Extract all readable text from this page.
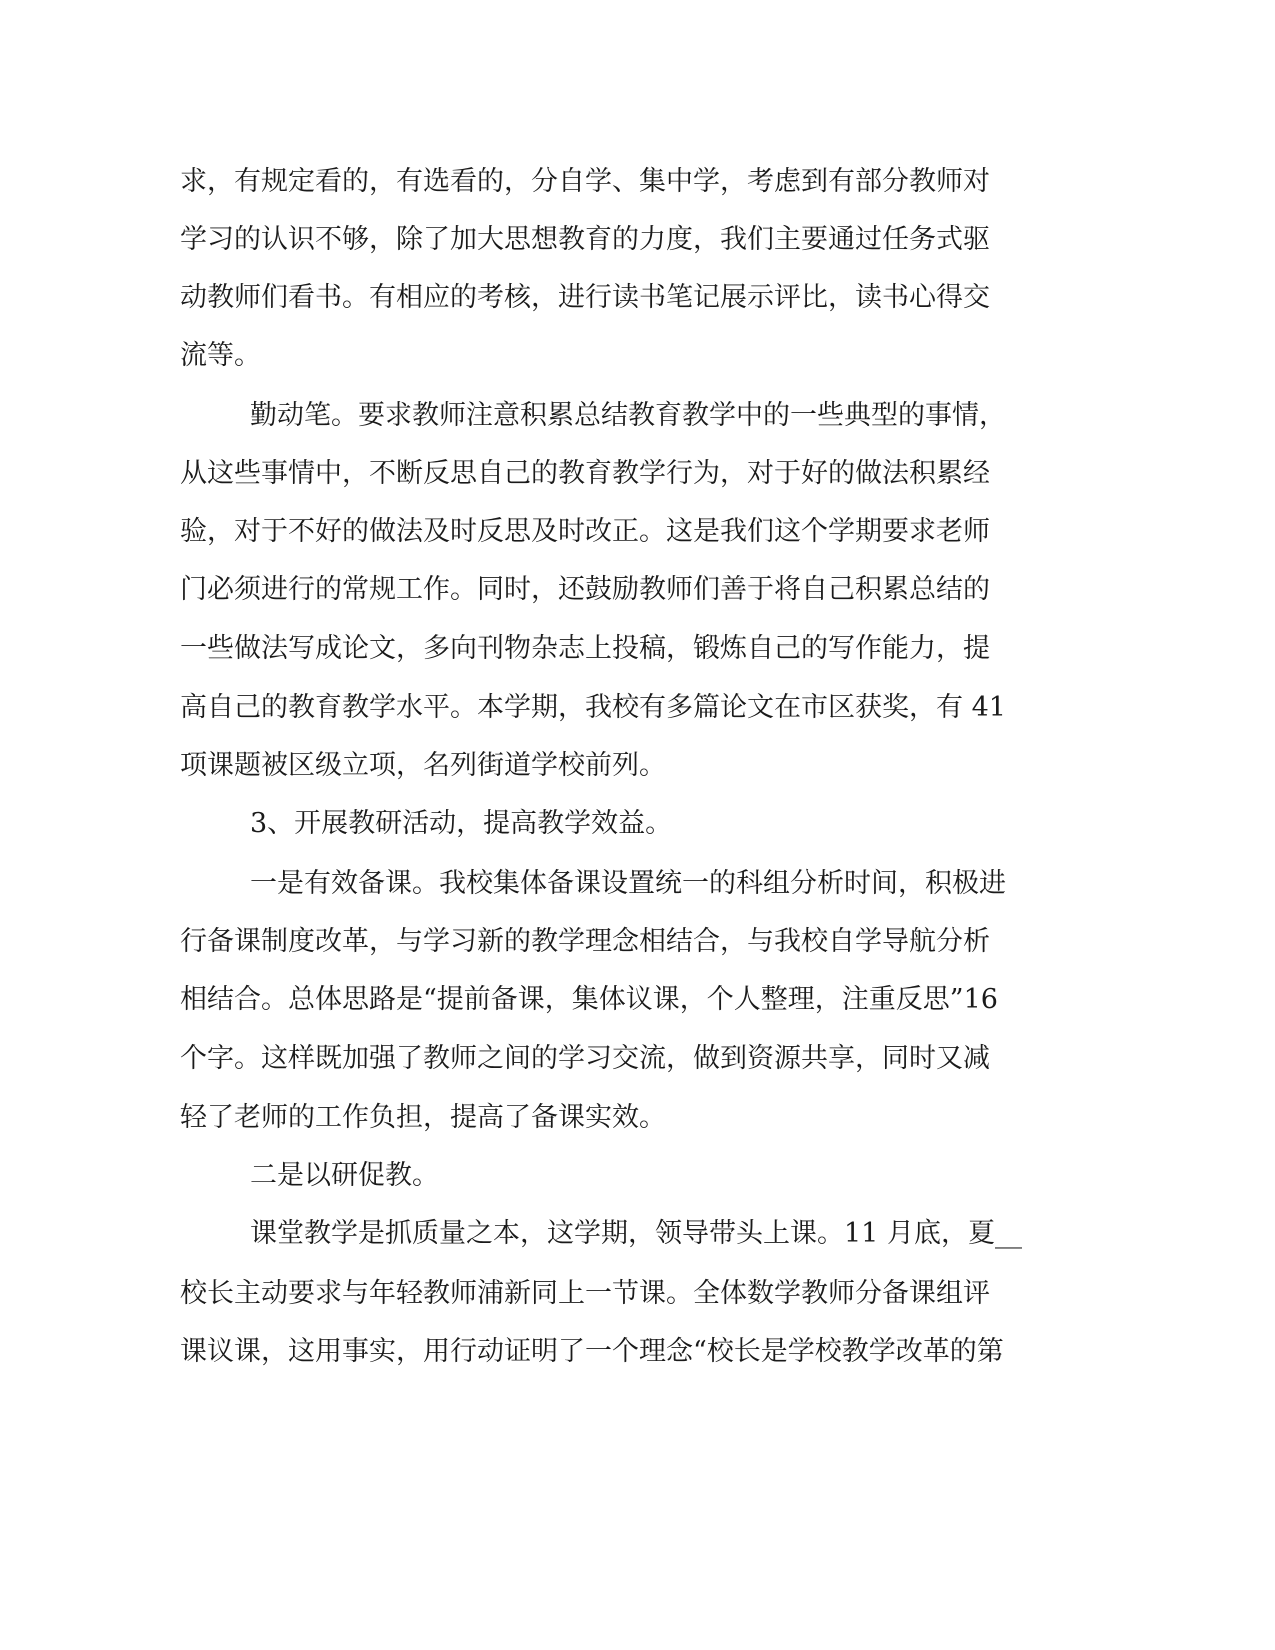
求，有规定看的，有选看的，分自学、集中学，考虑到有部分教师对
学习的认识不够，除了加大思想教育的力度，我们主要通过任务式驱
动教师们看书。有相应的考核，进行读书笔记展示评比，读书心得交
流等。
勤动笔。要求教师注意积累总结教育教学中的一些典型的事情，
从这些事情中，不断反思自己的教育教学行为，对于好的做法积累经
验，对于不好的做法及时反思及时改正。这是我们这个学期要求老师
门必须进行的常规工作。同时，还鼓励教师们善于将自己积累总结的
一些做法写成论文，多向刊物杂志上投稿，锻炼自己的写作能力，提
高自己的教育教学水平。本学期，我校有多篇论文在市区获奖，有 41
项课题被区级立项，名列街道学校前列。
3、开展教研活动，提高教学效益。
一是有效备课。我校集体备课设置统一的科组分析时间，积极进
行备课制度改革，与学习新的教学理念相结合，与我校自学导航分析
相结合。总体思路是“提前备课，集体议课，个人整理，注重反思”16
个字。这样既加强了教师之间的学习交流，做到资源共享，同时又减
轻了老师的工作负担，提高了备课实效。
二是以研促教。
课堂教学是抓质量之本，这学期，领导带头上课。11 月底，夏__
校长主动要求与年轻教师浦新同上一节课。全体数学教师分备课组评
课议课，这用事实，用行动证明了一个理念“校长是学校教学改革的第
